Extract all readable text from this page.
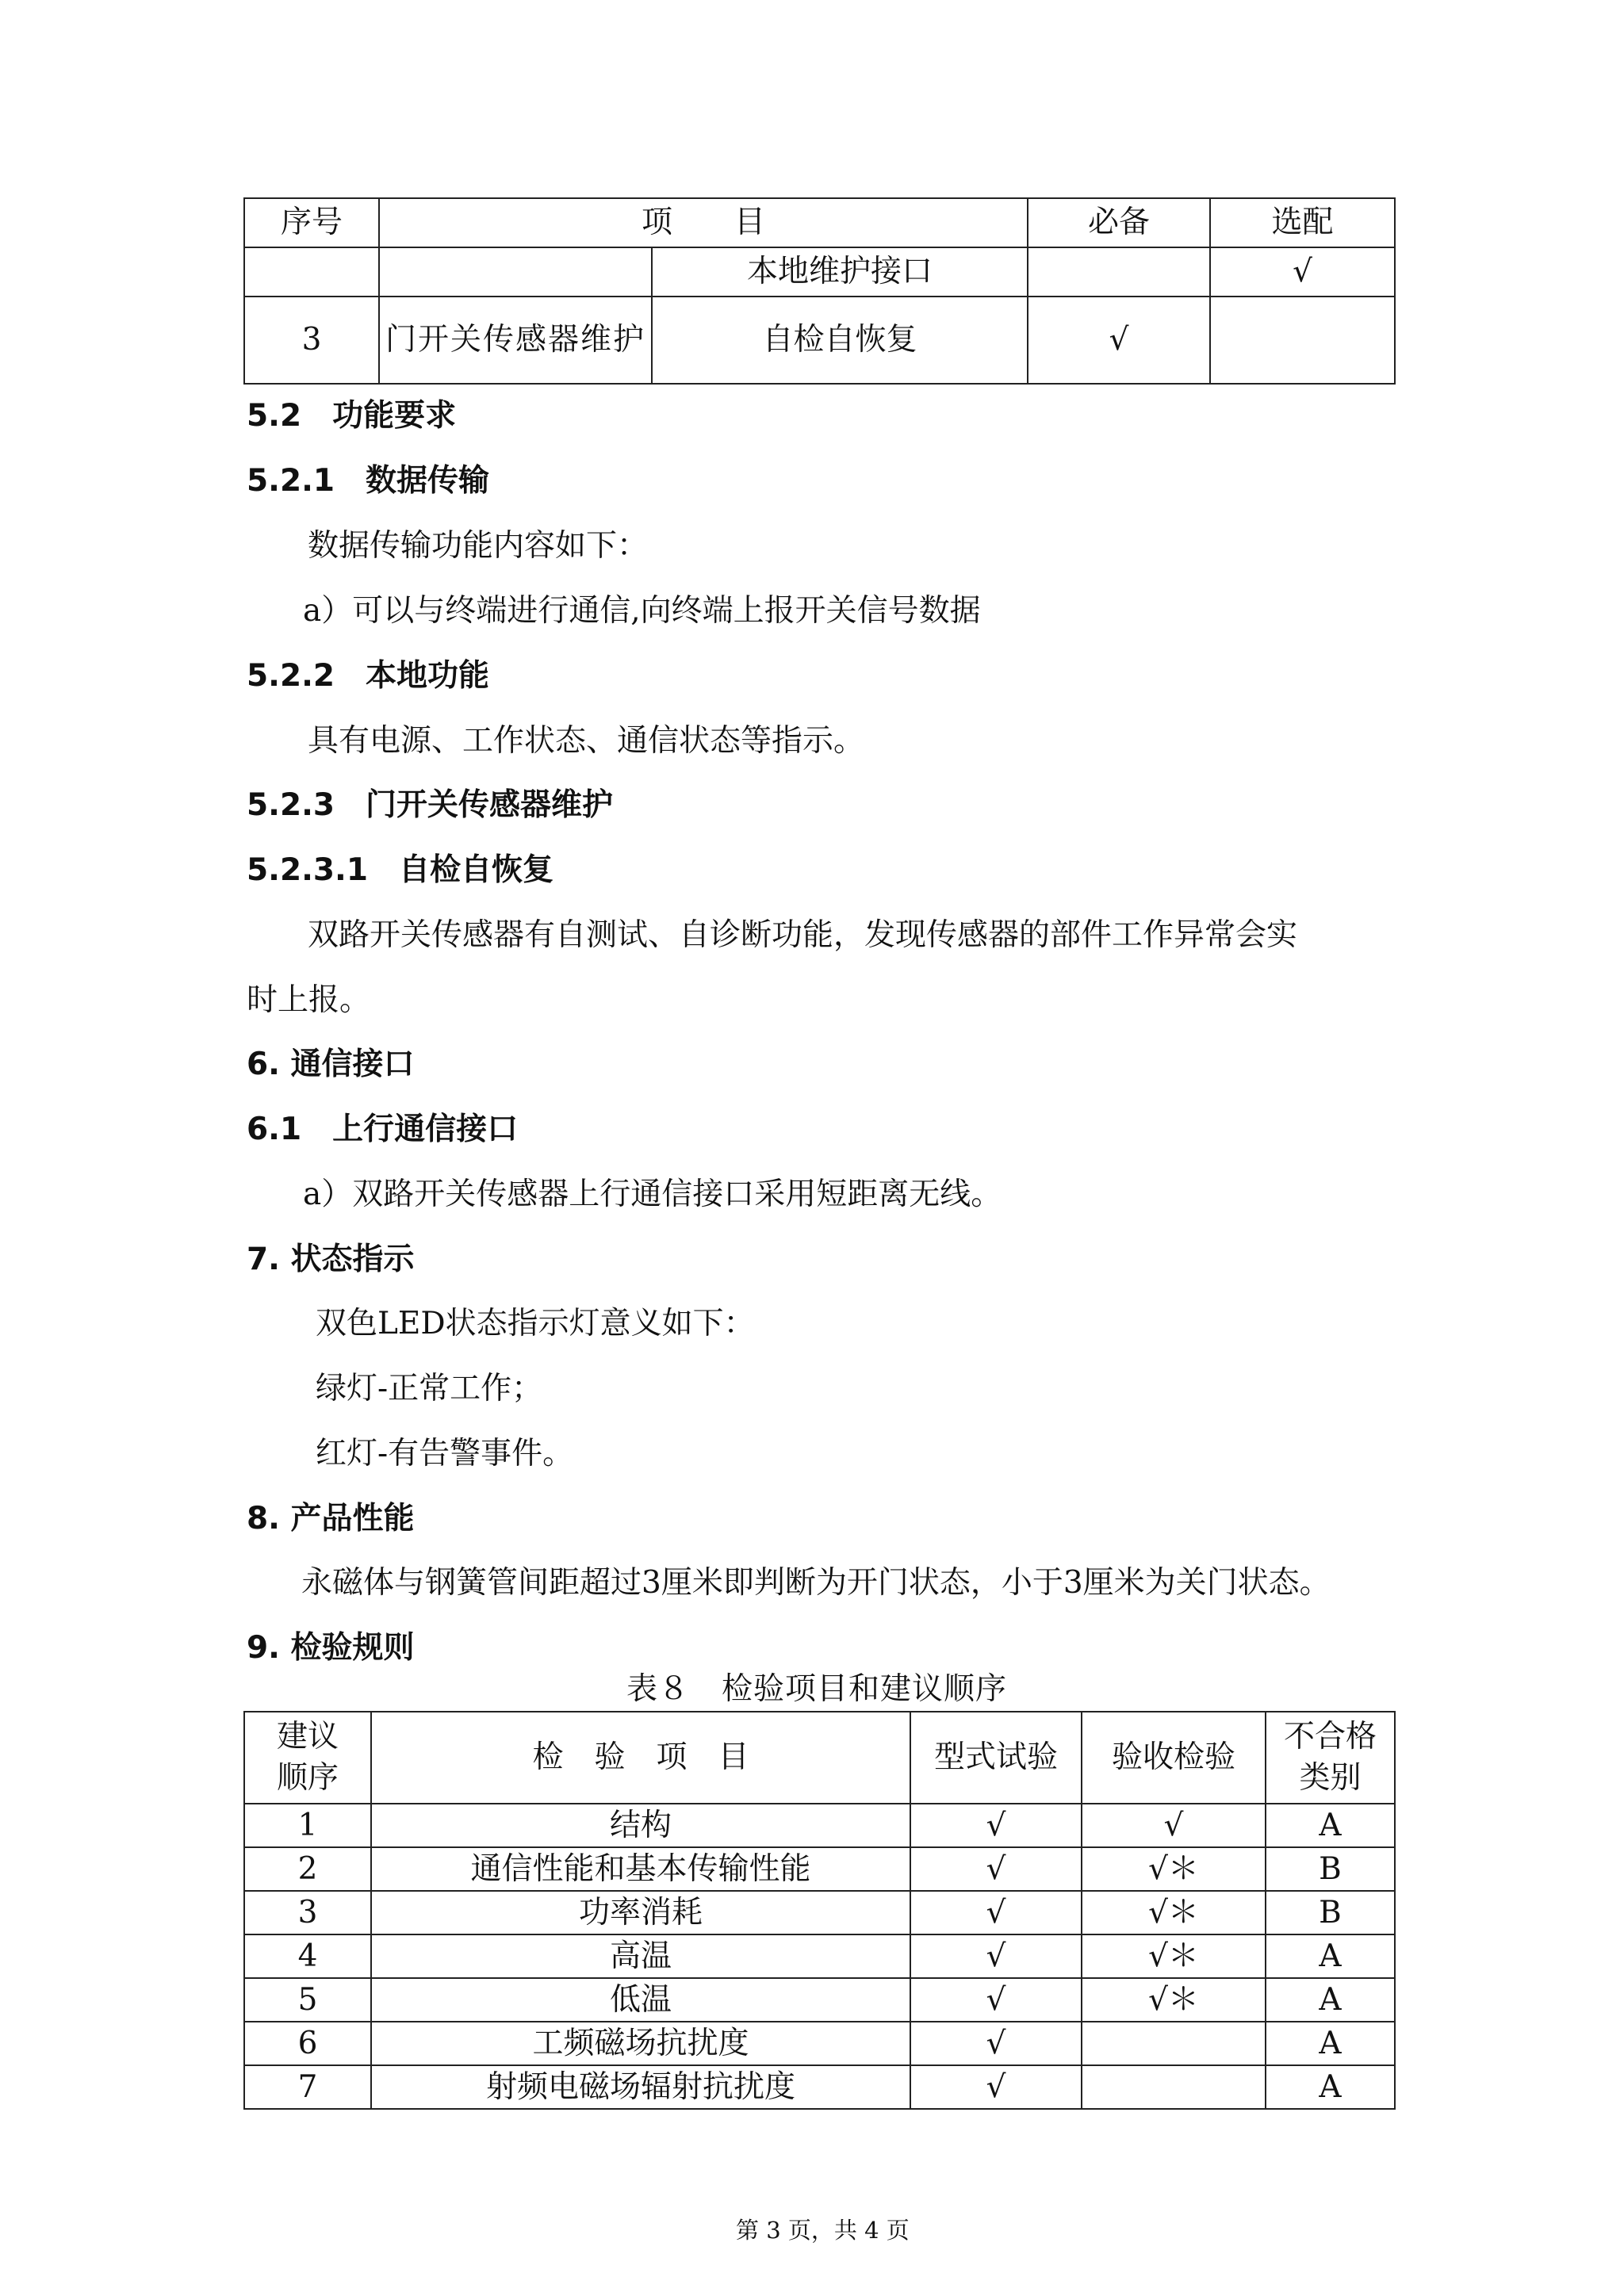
序号	项　　目		必备	选配
		本地维护接口		√
3	门开关传感器维护	自检自恢复	√	
5.2　功能要求
5.2.1　数据传输
数据传输功能内容如下：
a）可以与终端进行通信,向终端上报开关信号数据
5.2.2　本地功能
具有电源、工作状态、通信状态等指示。
5.2.3　门开关传感器维护
5.2.3.1　自检自恢复
双路开关传感器有自测试、自诊断功能，发现传感器的部件工作异常会实
时上报。
6. 通信接口
6.1　上行通信接口
a）双路开关传感器上行通信接口采用短距离无线。
7. 状态指示
双色LED状态指示灯意义如下：
绿灯-正常工作；
红灯-有告警事件。
8. 产品性能
永磁体与钢簧管间距超过3厘米即判断为开门状态，小于3厘米为关门状态。
9. 检验规则
表８　检验项目和建议顺序
建议
顺序	检　验　项　目	型式试验	验收检验	不合格
类别
1	结构	√	√	A
2	通信性能和基本传输性能	√	√＊	B
3	功率消耗	√	√＊	B
4	高温	√	√＊	A
5	低温	√	√＊	A
6	工频磁场抗扰度	√		A
7	射频电磁场辐射抗扰度	√		A
第 3 页，共 4 页
